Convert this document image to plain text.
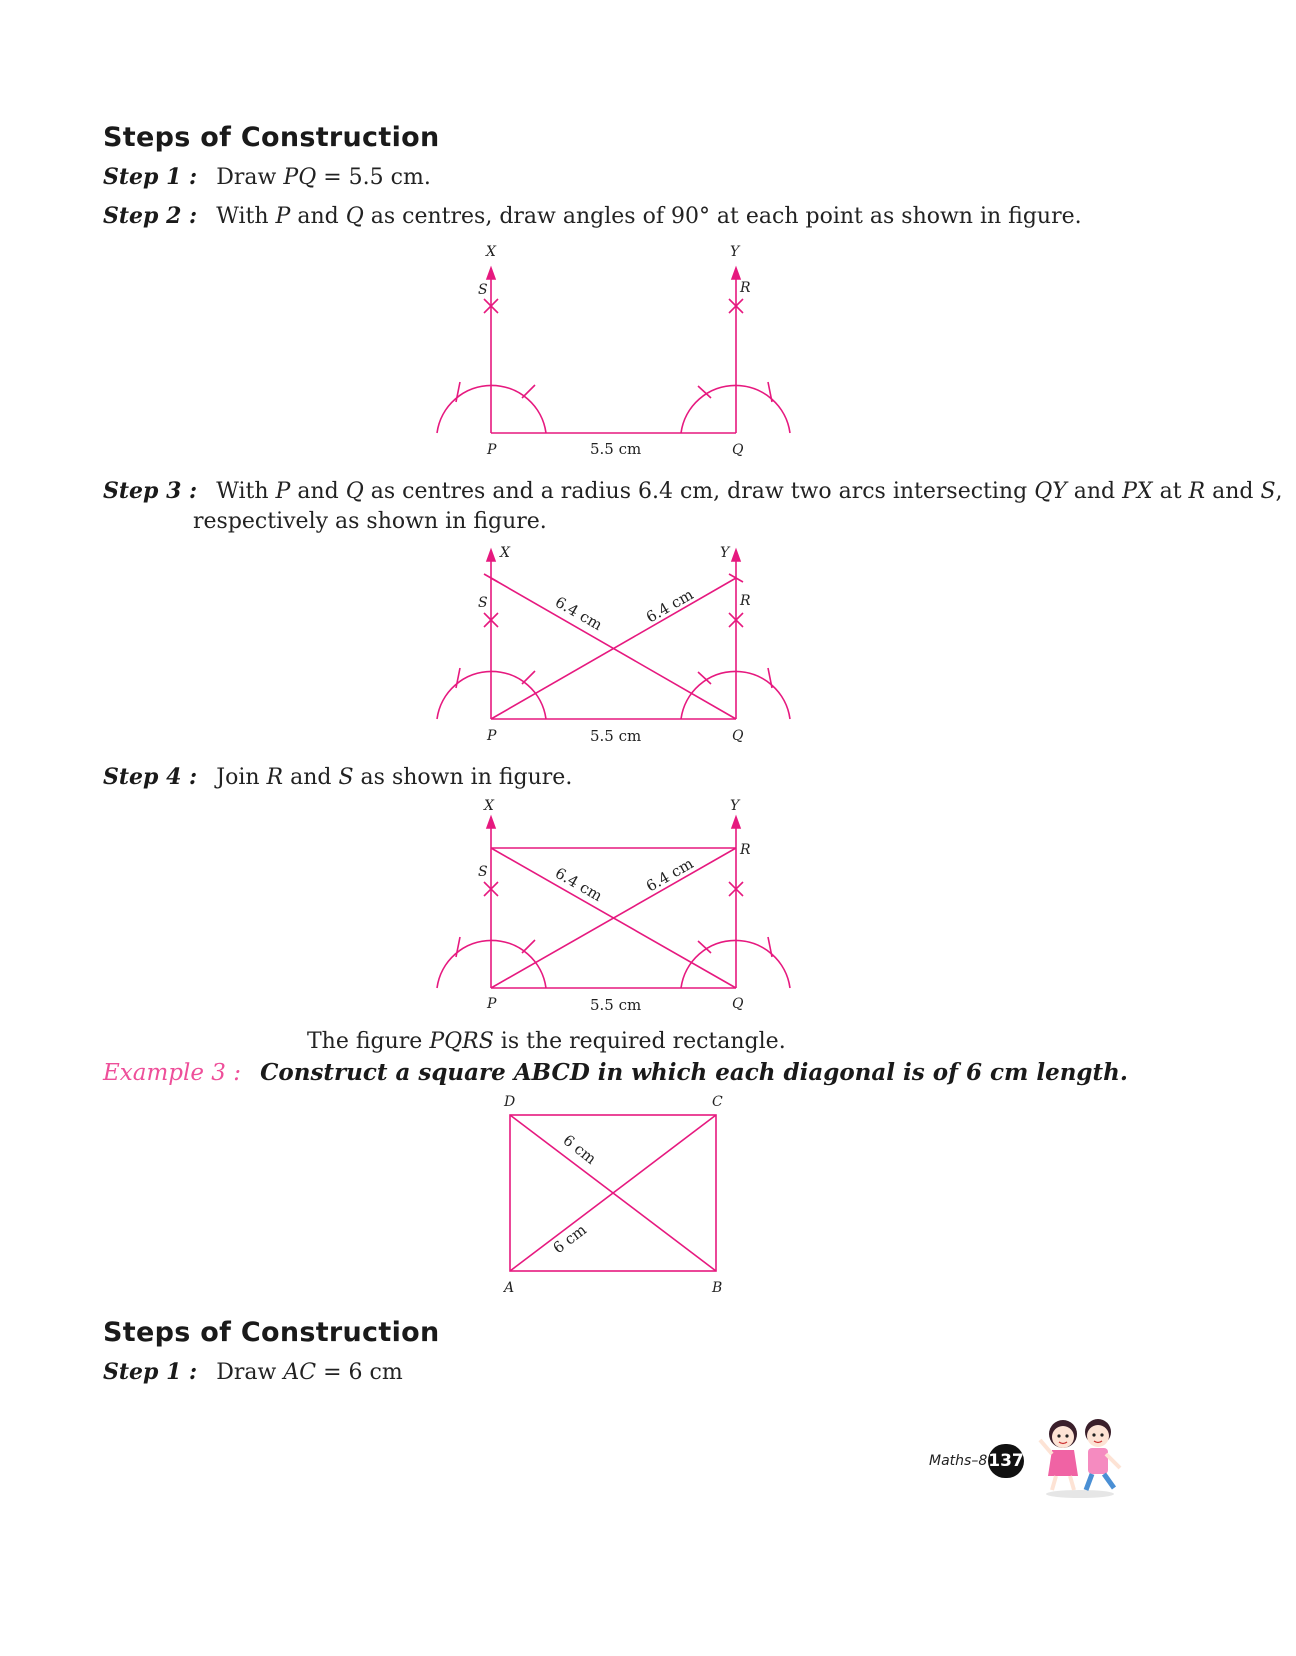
Steps of Construction
Step 1 : Draw PQ = 5.5 cm.
Step 2 : With P and Q as centres, draw angles of 90° at each point as shown in figure.
X	Y
S	R
P	Q
5.5 cm
Step 3 : With P and Q as centres and a radius 6.4 cm, draw two arcs intersecting QY and PX at R and S,
respectively as shown in figure.
X	Y
S	R
P	Q
5.5 cm
6.4 cm	6.4 cm
Step 4 : Join R and S as shown in figure.
X	Y
S
R
P	Q
5.5 cm
6.4 cm	6.4 cm
The figure PQRS is the required rectangle.
Example 3 : Construct a square ABCD in which each diagonal is of 6 cm length.
D	C
A	B
6 cm
6 cm
Steps of Construction
Step 1 : Draw AC = 6 cm
Maths–8 137
